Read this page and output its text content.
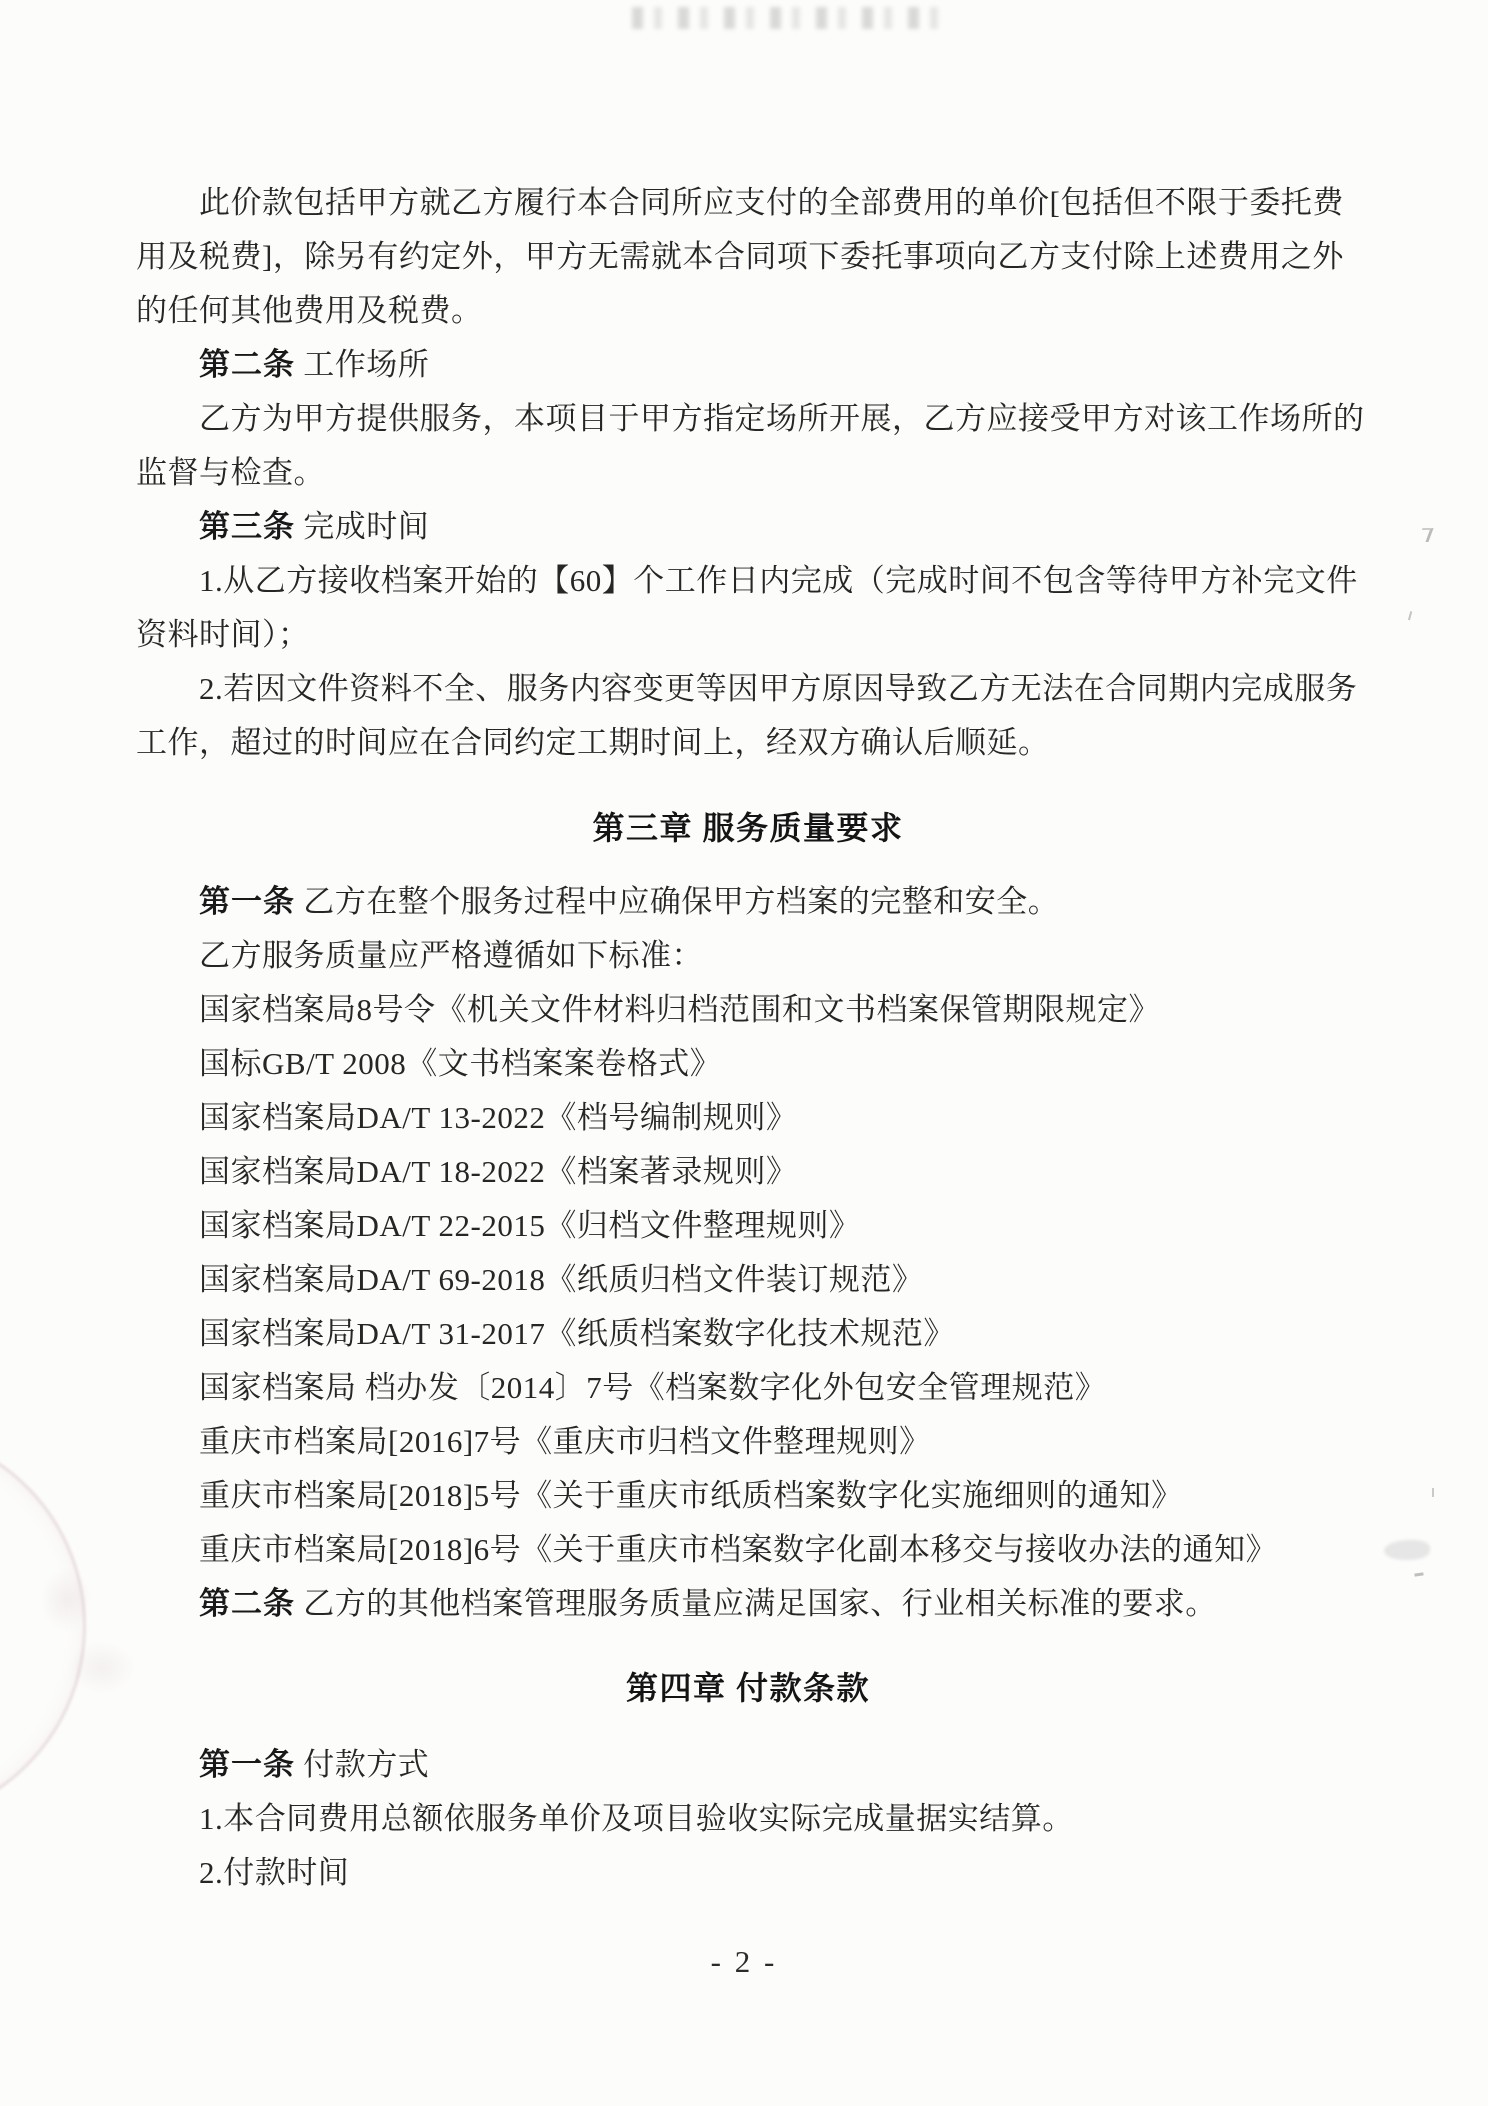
此价款包括甲方就乙方履行本合同所应支付的全部费用的单价[包括但不限于委托费
用及税费]，除另有约定外，甲方无需就本合同项下委托事项向乙方支付除上述费用之外
的任何其他费用及税费。
第二条 工作场所
乙方为甲方提供服务，本项目于甲方指定场所开展，乙方应接受甲方对该工作场所的
监督与检查。
第三条 完成时间
1.从乙方接收档案开始的【60】个工作日内完成（完成时间不包含等待甲方补完文件
资料时间）；
2.若因文件资料不全、服务内容变更等因甲方原因导致乙方无法在合同期内完成服务
工作，超过的时间应在合同约定工期时间上，经双方确认后顺延。
第三章 服务质量要求
第一条 乙方在整个服务过程中应确保甲方档案的完整和安全。
乙方服务质量应严格遵循如下标准：
国家档案局8号令《机关文件材料归档范围和文书档案保管期限规定》
国标GB/T 2008《文书档案案卷格式》
国家档案局DA/T 13-2022《档号编制规则》
国家档案局DA/T 18-2022《档案著录规则》
国家档案局DA/T 22-2015《归档文件整理规则》
国家档案局DA/T 69-2018《纸质归档文件装订规范》
国家档案局DA/T 31-2017《纸质档案数字化技术规范》
国家档案局 档办发〔2014〕7号《档案数字化外包安全管理规范》
重庆市档案局[2016]7号《重庆市归档文件整理规则》
重庆市档案局[2018]5号《关于重庆市纸质档案数字化实施细则的通知》
重庆市档案局[2018]6号《关于重庆市档案数字化副本移交与接收办法的通知》
第二条 乙方的其他档案管理服务质量应满足国家、行业相关标准的要求。
第四章 付款条款
第一条 付款方式
1.本合同费用总额依服务单价及项目验收实际完成量据实结算。
2.付款时间
- 2 -
